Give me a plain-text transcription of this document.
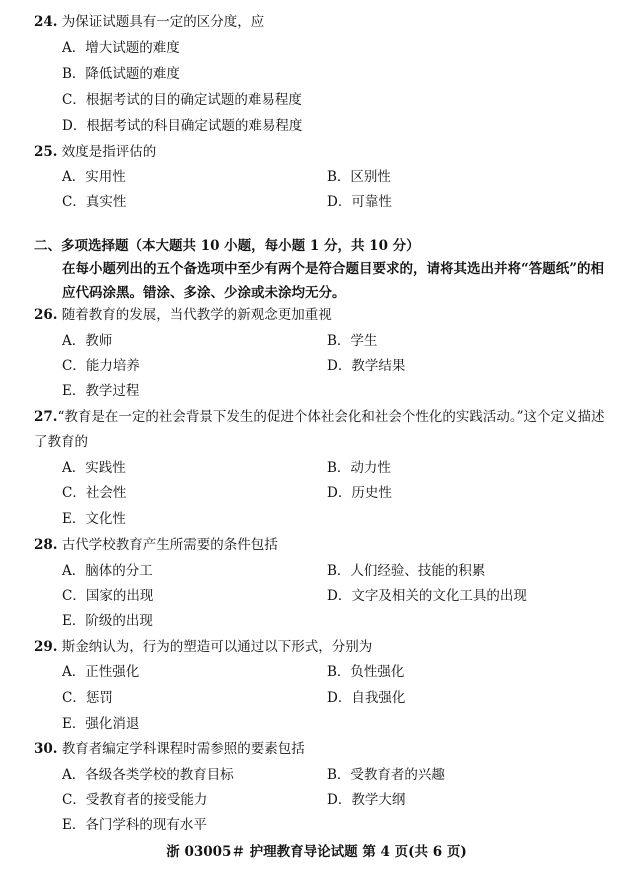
24. 为保证试题具有一定的区分度，应
A．增大试题的难度
B．降低试题的难度
C．根据考试的目的确定试题的难易程度
D．根据考试的科目确定试题的难易程度
25. 效度是指评估的
A．实用性	B．区别性
C．真实性	D．可靠性
二、多项选择题（本大题共 10 小题，每小题 1 分，共 10 分）
在每小题列出的五个备选项中至少有两个是符合题目要求的，请将其选出并将“答题纸”的相应代码涂黑。错涂、多涂、少涂或未涂均无分。
26. 随着教育的发展，当代教学的新观念更加重视
A．教师	B．学生
C．能力培养	D．教学结果
E．教学过程
27.“教育是在一定的社会背景下发生的促进个体社会化和社会个性化的实践活动。”这个定义描述了教育的
A．实践性	B．动力性
C．社会性	D．历史性
E．文化性
28. 古代学校教育产生所需要的条件包括
A．脑体的分工	B．人们经验、技能的积累
C．国家的出现	D．文字及相关的文化工具的出现
E．阶级的出现
29. 斯金纳认为，行为的塑造可以通过以下形式，分别为
A．正性强化	B．负性强化
C．惩罚	D．自我强化
E．强化消退
30. 教育者编定学科课程时需参照的要素包括
A．各级各类学校的教育目标	B．受教育者的兴趣
C．受教育者的接受能力	D．教学大纲
E．各门学科的现有水平
浙 03005＃ 护理教育导论试题 第 4 页(共 6 页)
